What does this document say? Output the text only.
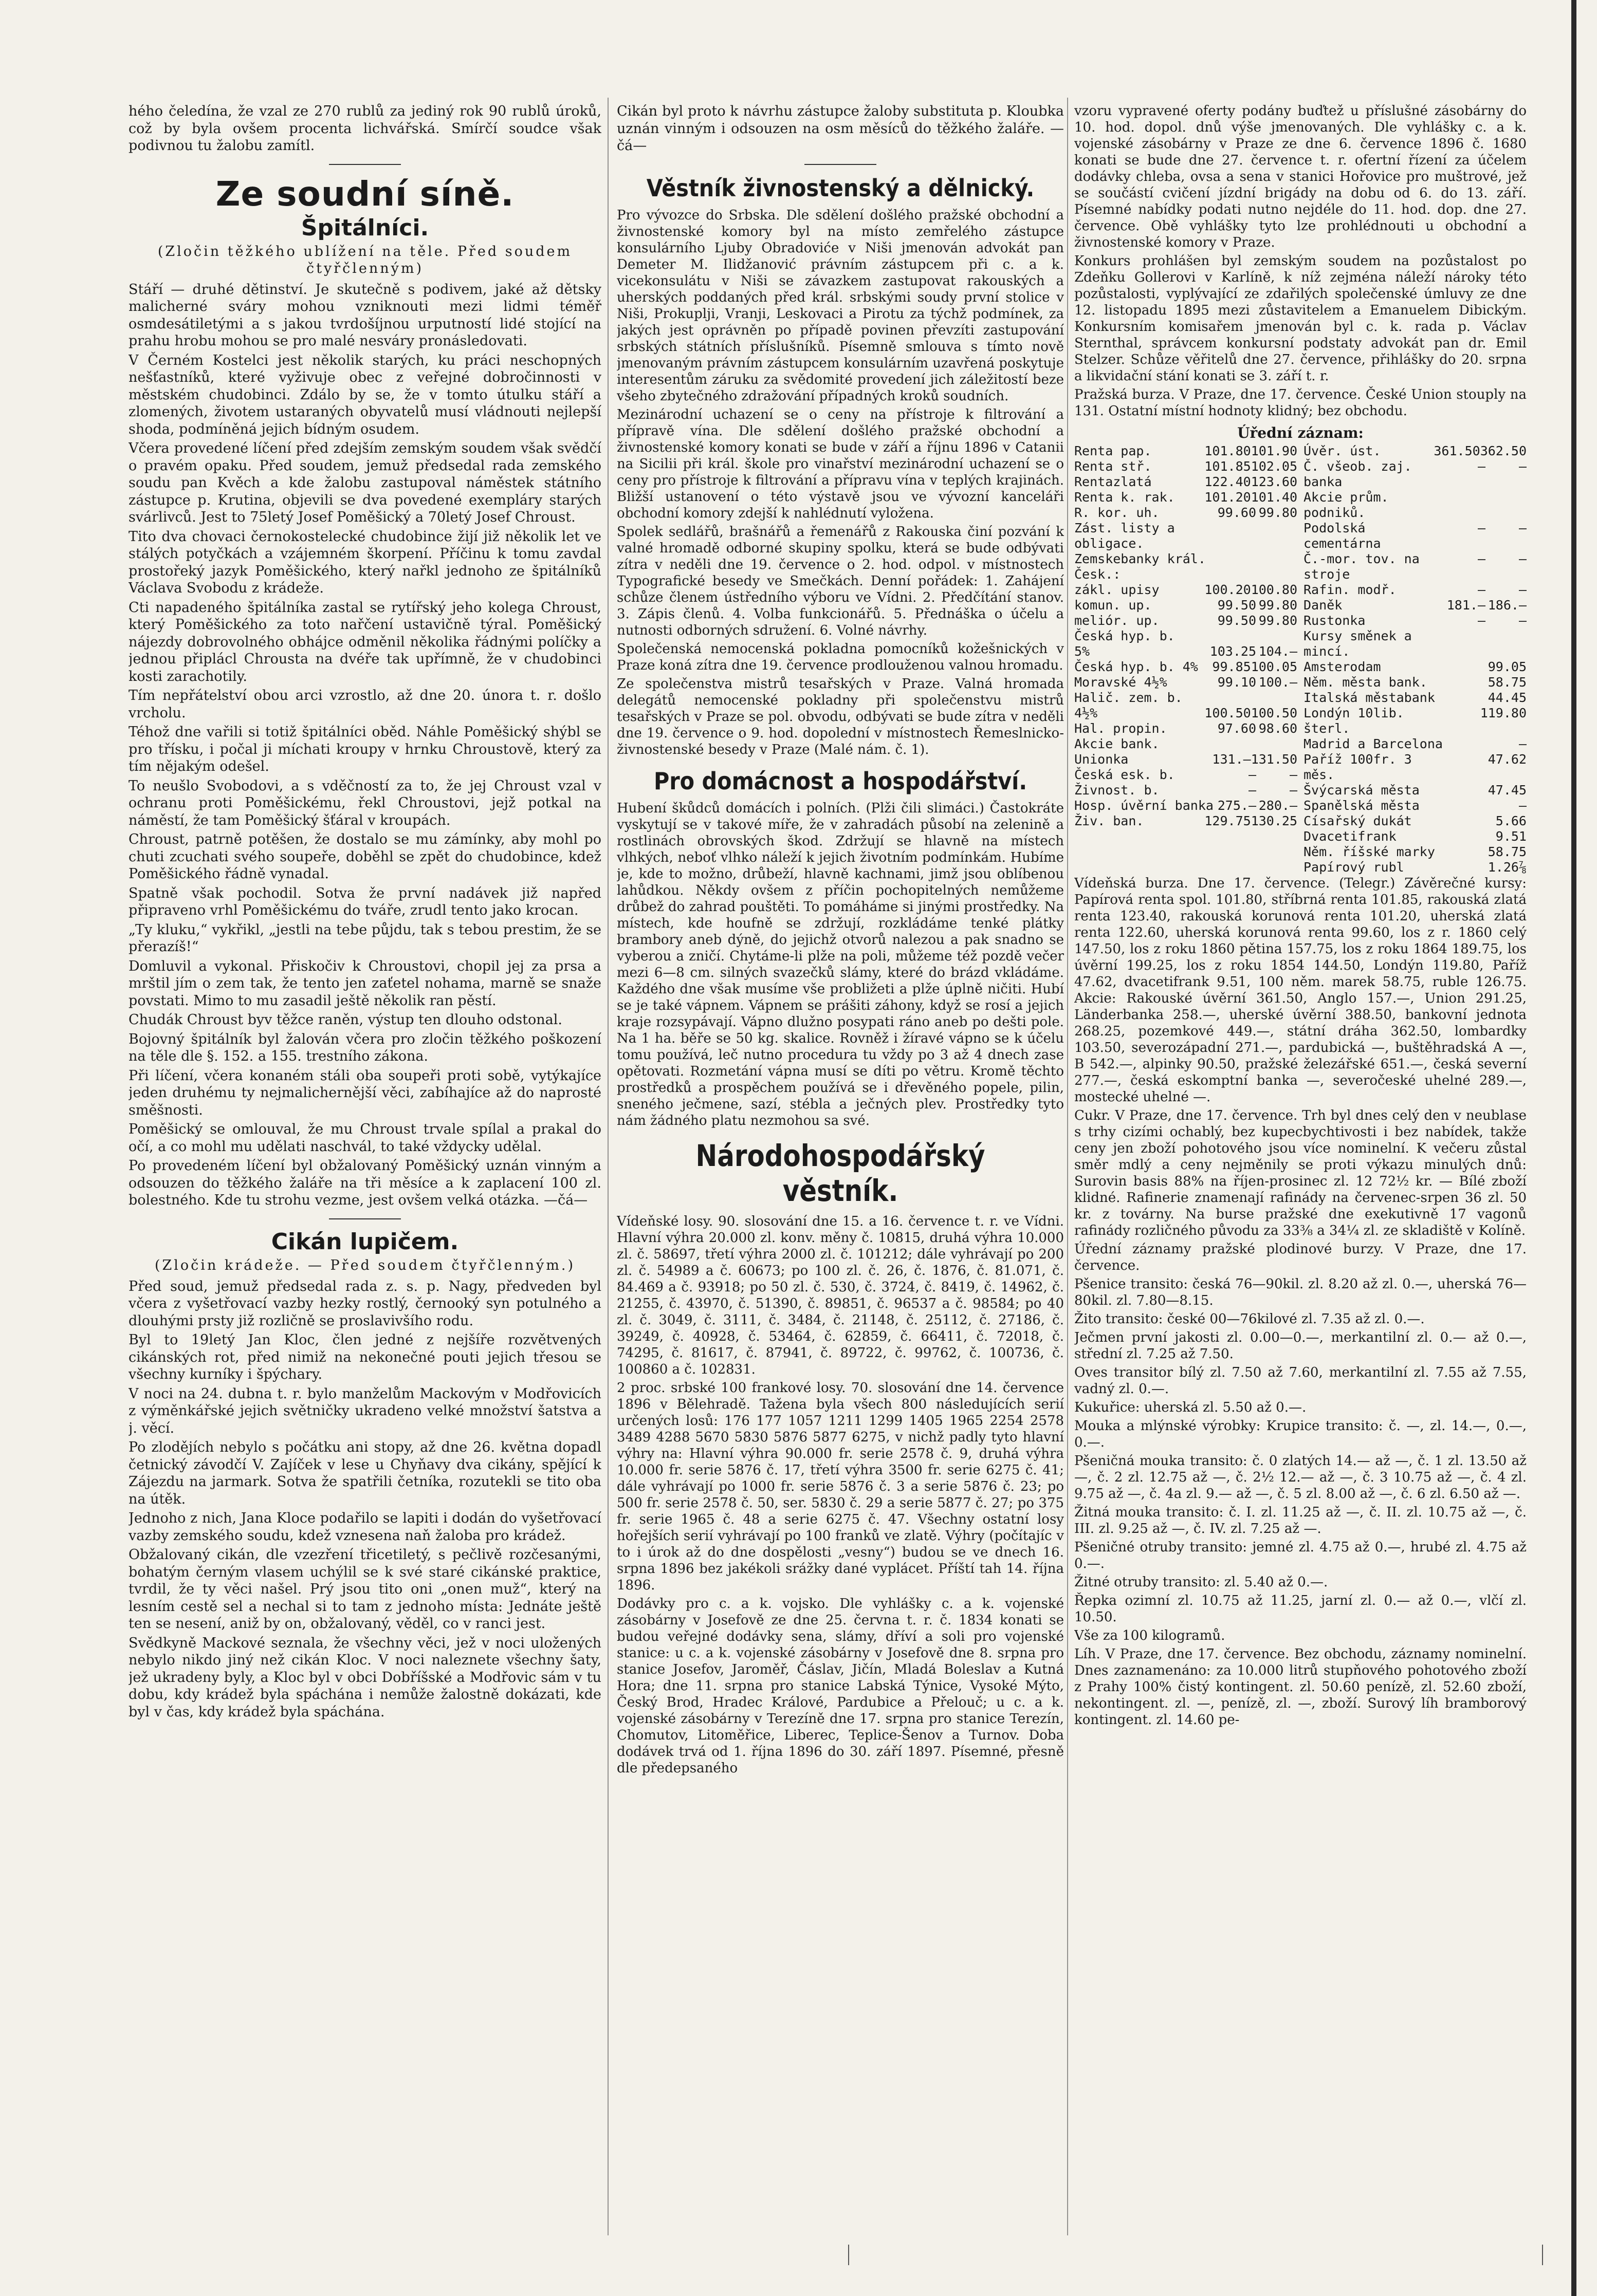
hého čeledína, že vzal ze 270 rublů za jediný rok 90 rublů úroků, což by byla ovšem procenta lichvářská. Smírčí soudce však podivnou tu žalobu zamítl.

Ze soudní síně.
Špitálníci.

(Zločin těžkého ublížení na těle. Před soudem čtyřčlenným)

Stáří — druhé dětinství. Je skutečně s podivem, jaké až dětsky malicherné sváry mohou vzniknouti mezi lidmi téměř osmdesátiletými a s jakou tvrdošíjnou urputností lidé stojící na prahu hrobu mohou se pro malé nesváry pronásledovati.

V Černém Kostelci jest několik starých, ku práci neschopných nešťastníků, které vyživuje obec z veřejné dobročinnosti v městském chudobinci. Zdálo by se, že v tomto útulku stáří a zlomených, životem ustaraných obyvatelů musí vládnouti nejlepší shoda, podmíněná jejich bídným osudem.

Včera provedené líčení před zdejším zemským soudem však svědčí o pravém opaku. Před soudem, jemuž předsedal rada zemského soudu pan Kvěch a kde žalobu zastupoval náměstek státního zástupce p. Krutina, objevili se dva povedené exempláry starých svárlivců. Jest to 75letý Josef Poměšický a 70letý Josef Chroust.

Tito dva chovaci černokostelecké chudobince žijí již několik let ve stálých potyčkách a vzájemném škorpení. Příčinu k tomu zavdal prostořeký jazyk Poměšického, který nařkl jednoho ze špitálníků Václava Svobodu z krádeže.

Cti napadeného špitálníka zastal se rytířský jeho kolega Chroust, který Poměšického za toto nařčení ustavičně týral. Poměšický nájezdy dobrovolného obhájce odměnil několika řádnými políčky a jednou připlácl Chrousta na dvéře tak upřímně, že v chudobinci kosti zarachotily.

Tím nepřátelství obou arci vzrostlo, až dne 20. února t. r. došlo vrcholu.

Téhož dne vařili si totiž špitálníci oběd. Náhle Poměšický shýbl se pro třísku, i počal ji míchati kroupy v hrnku Chroustově, který za tím nějakým odešel.

To neušlo Svobodovi, a s vděčností za to, že jej Chroust vzal v ochranu proti Poměšickému, řekl Chroustovi, jejž potkal na náměstí, že tam Poměšický šťáral v kroupách.

Chroust, patrně potěšen, že dostalo se mu zámínky, aby mohl po chuti zcuchati svého soupeře, doběhl se zpět do chudobince, kdež Poměšického řádně vynadal.

Spatně však pochodil. Sotva že první nadávek již napřed připraveno vrhl Poměšickému do tváře, zrudl tento jako krocan.

„Ty kluku,“ vykřikl, „jestli na tebe půjdu, tak s tebou prestim, že se přerazíš!“

Domluvil a vykonal. Přiskočiv k Chroustovi, chopil jej za prsa a mrštil jím o zem tak, že tento jen zaťetel nohama, marně se snaže povstati. Mimo to mu zasadil ještě několik ran pěstí.

Chudák Chroust byv těžce raněn, výstup ten dlouho odstonal.

Bojovný špitálník byl žalován včera pro zločin těžkého poškození na těle dle §. 152. a 155. trestního zákona.

Při líčení, včera konaném stáli oba soupeři proti sobě, vytýkajíce jeden druhému ty nejmalichernější věci, zabíhajíce až do naprosté směšnosti.

Poměšický se omlouval, že mu Chroust trvale spílal a prakal do očí, a co mohl mu udělati naschvál, to také vždycky udělal.

Po provedeném líčení byl obžalovaný Poměšický uznán vinným a odsouzen do těžkého žaláře na tři měsíce a k zaplacení 100 zl. bolestného. Kde tu strohu vezme, jest ovšem velká otázka. —čá—

Cikán lupičem.

(Zločin krádeže. — Před soudem čtyřčlenným.)

Před soud, jemuž předsedal rada z. s. p. Nagy, předveden byl včera z vyšetřovací vazby hezky rostlý, černooký syn potulného a dlouhými prsty již rozličně se proslavivšího rodu.

Byl to 19letý Jan Kloc, člen jedné z nejšíře rozvětvených cikánských rot, před nimiž na nekonečné pouti jejich třesou se všechny kurníky i špýchary.

V noci na 24. dubna t. r. bylo manželům Mackovým v Modřovicích z výměnkářské jejich světničky ukradeno velké množství šatstva a j. věcí.

Po zlodějích nebylo s počátku ani stopy, až dne 26. května dopadl četnický závodčí V. Zajíček v lese u Chyňavy dva cikány, spějící k Zájezdu na jarmark. Sotva že spatřili četníka, rozutekli se tito oba na útěk.

Jednoho z nich, Jana Kloce podařilo se lapiti i dodán do vyšetřovací vazby zemského soudu, kdež vznesena naň žaloba pro krádež.

Obžalovaný cikán, dle vzezření třicetiletý, s pečlivě rozčesanými, bohatým černým vlasem uchýlil se k své staré cikánské praktice, tvrdil, že ty věci našel. Prý jsou tito oni „onen muž“, který na lesním cestě sel a nechal si to tam z jednoho místa: Jednáte ještě ten se nesení, aniž by on, obžalovaný, věděl, co v ranci jest.

Svědkyně Mackové seznala, že všechny věci, jež v noci uložených nebylo nikdo jiný než cikán Kloc. V noci naleznete všechny šaty, jež ukradeny byly, a Kloc byl v obci Dobříšské a Modřovic sám v tu dobu, kdy krádež byla spáchána i nemůže žalostně dokázati, kde byl v čas, kdy krádež byla spáchána.

Cikán byl proto k návrhu zástupce žaloby substituta p. Kloubka uznán vinným i odsouzen na osm měsíců do těžkého žaláře. —čá—

Věstník živnostenský a dělnický.

Pro vývozce do Srbska. Dle sdělení došlého pražské obchodní a živnostenské komory byl na místo zemřelého zástupce konsulárního Ljuby Obradoviće v Niši jmenován advokát pan Demeter M. Ilidžanović právním zástupcem při c. a k. vicekonsulátu v Niši se závazkem zastupovat rakouských a uherských poddaných před král. srbskými soudy první stolice v Niši, Prokuplji, Vranji, Leskovaci a Pirotu za týchž podmínek, za jakých jest oprávněn po případě povinen převzíti zastupování srbských státních příslušníků. Písemně smlouva s tímto nově jmenovaným právním zástupcem konsulárním uzavřená poskytuje interesentům záruku za svědomité provedení jich záležitostí beze všeho zbytečného zdražování případných kroků soudních.

Mezinárodní uchazení se o ceny na přístroje k filtrování a přípravě vína. Dle sdělení došlého pražské obchodní a živnostenské komory konati se bude v září a říjnu 1896 v Catanii na Sicilii při král. škole pro vinařství mezinárodní uchazení se o ceny pro přístroje k filtrování a přípravu vína v teplých krajinách. Bližší ustanovení o této výstavě jsou ve vývozní kanceláři obchodní komory zdejší k nahlédnutí vyložena.

Spolek sedlářů, brašnářů a řemenářů z Rakouska činí pozvání k valné hromadě odborné skupiny spolku, která se bude odbývati zítra v neděli dne 19. července o 2. hod. odpol. v místnostech Typografické besedy ve Smečkách. Denní pořádek: 1. Zahájení schůze členem ústředního výboru ve Vídni. 2. Předčítání stanov. 3. Zápis členů. 4. Volba funkcionářů. 5. Přednáška o účelu a nutnosti odborných sdružení. 6. Volné návrhy.

Společenská nemocenská pokladna pomocníků kožešnických v Praze koná zítra dne 19. července prodlouženou valnou hromadu.

Ze společenstva mistrů tesařských v Praze. Valná hromada delegátů nemocenské pokladny při společenstvu mistrů tesařských v Praze se pol. obvodu, odbývati se bude zítra v neděli dne 19. července o 9. hod. dopolední v místnostech Řemeslnicko-živnostenské besedy v Praze (Malé nám. č. 1).

Pro domácnost a hospodářství.

Hubení škůdců domácích i polních. (Plži čili slimáci.) Častokráte vyskytují se v takové míře, že v zahradách působí na zelenině a rostlinách obrovských škod. Zdržují se hlavně na místech vlhkých, neboť vlhko náleží k jejich životním podmínkám. Hubíme je, kde to možno, drůbeží, hlavně kachnami, jimž jsou oblíbenou lahůdkou. Někdy ovšem z příčin pochopitelných nemůžeme drůbež do zahrad pouštěti. To pomáháme si jinými prostředky. Na místech, kde houfně se zdržují, rozkládáme tenké plátky brambory aneb dýně, do jejichž otvorů nalezou a pak snadno se vyberou a zničí. Chytáme-li plže na poli, můžeme též pozdě večer mezi 6—8 cm. silných svazečků slámy, které do brázd vkládáme. Každého dne však musíme vše probližeti a plže úplně ničiti. Hubí se je také vápnem. Vápnem se prášiti záhony, když se rosí a jejich kraje rozsypávají. Vápno dlužno posypati ráno aneb po dešti pole. Na 1 ha. běře se 50 kg. skalice. Rovněž i žíravé vápno se k účelu tomu používá, leč nutno procedura tu vždy po 3 až 4 dnech zase opětovati. Rozmetání vápna musí se díti po větru. Kromě těchto prostředků a prospěchem používá se i dřevěného popele, pilin, sneného ječmene, sazí, stébla a ječných plev. Prostředky tyto nám žádného platu nezmohou sa své.

Národohospodářský věstník.

Vídeňské losy. 90. slosování dne 15. a 16. července t. r. ve Vídni. Hlavní výhra 20.000 zl. konv. měny č. 10815, druhá výhra 10.000 zl. č. 58697, třetí výhra 2000 zl. č. 101212; dále vyhrávají po 200 zl. č. 54989 a č. 60673; po 100 zl. č. 26, č. 1876, č. 81.071, č. 84.469 a č. 93918; po 50 zl. č. 530, č. 3724, č. 8419, č. 14962, č. 21255, č. 43970, č. 51390, č. 89851, č. 96537 a č. 98584; po 40 zl. č. 3049, č. 3111, č. 3484, č. 21148, č. 25112, č. 27186, č. 39249, č. 40928, č. 53464, č. 62859, č. 66411, č. 72018, č. 74295, č. 81617, č. 87941, č. 89722, č. 99762, č. 100736, č. 100860 a č. 102831.

2 proc. srbské 100 frankové losy. 70. slosování dne 14. července 1896 v Bělehradě. Tažena byla všech 800 následujících serií určených losů: 176 177 1057 1211 1299 1405 1965 2254 2578 3489 4288 5670 5830 5876 5877 6275, v nichž padly tyto hlavní výhry na: Hlavní výhra 90.000 fr. serie 2578 č. 9, druhá výhra 10.000 fr. serie 5876 č. 17, třetí výhra 3500 fr. serie 6275 č. 41; dále vyhrávají po 1000 fr. serie 5876 č. 3 a serie 5876 č. 23; po 500 fr. serie 2578 č. 50, ser. 5830 č. 29 a serie 5877 č. 27; po 375 fr. serie 1965 č. 48 a serie 6275 č. 47. Všechny ostatní losy hořejších serií vyhrávají po 100 franků ve zlatě. Výhry (počítajíc v to i úrok až do dne dospělosti „vesny“) budou se ve dnech 16. srpna 1896 bez jakékoli srážky dané vyplácet. Příští tah 14. října 1896.

Dodávky pro c. a k. vojsko. Dle vyhlášky c. a k. vojenské zásobárny v Josefově ze dne 25. června t. r. č. 1834 konati se budou veřejné dodávky sena, slámy, dříví a soli pro vojenské stanice: u c. a k. vojenské zásobárny v Josefově dne 8. srpna pro stanice Josefov, Jaroměř, Čáslav, Jičín, Mladá Boleslav a Kutná Hora; dne 11. srpna pro stanice Labská Týnice, Vysoké Mýto, Český Brod, Hradec Králové, Pardubice a Přelouč; u c. a k. vojenské zásobárny v Terezíně dne 17. srpna pro stanice Terezín, Chomutov, Litoměřice, Liberec, Teplice-Šenov a Turnov. Doba dodávek trvá od 1. října 1896 do 30. září 1897. Písemné, přesně dle předepsaného

vzoru vypravené oferty podány buďtež u příslušné zásobárny do 10. hod. dopol. dnů výše jmenovaných. Dle vyhlášky c. a k. vojenské zásobárny v Praze ze dne 6. července 1896 č. 1680 konati se bude dne 27. července t. r. ofertní řízení za účelem dodávky chleba, ovsa a sena v stanici Hořovice pro muštrové, jež se součástí cvičení jízdní brigády na dobu od 6. do 13. září. Písemné nabídky podati nutno nejdéle do 11. hod. dop. dne 27. července. Obě vyhlášky tyto lze prohlédnouti u obchodní a živnostenské komory v Praze.

Konkurs prohlášen byl zemským soudem na pozůstalost po Zdeňku Gollerovi v Karlíně, k níž zejména náleží nároky této pozůstalosti, vyplývající ze zdařilých společenské úmluvy ze dne 12. listopadu 1895 mezi zůstavitelem a Emanuelem Dibickým. Konkursním komisařem jmenován byl c. k. rada p. Václav Sternthal, správcem konkursní podstaty advokát pan dr. Emil Stelzer. Schůze věřitelů dne 27. července, přihlášky do 20. srpna a likvidační stání konati se 3. září t. r.

Pražská burza. V Praze, dne 17. července. České Union stouply na 131. Ostatní místní hodnoty klidný; bez obchodu.

Úřední záznam:
Renta pap.	101.80 101.90
Renta stř.	101.85 102.05
Rentazlatá	122.40 123.60
Renta k. rak.	101.20 101.40
R. kor. uh.	99.60 99.80
Zást. listy a obligace.
Zemskebanky král. Česk.:
zákl. upisy	100.20 100.80
komun. up.	99.50 99.80
meliór. up.	99.50 99.80
Česká hyp. b.
5%	103.25 104.—
Česká hyp. b. 4%	99.85 100.05
Moravské 4½%	99.10 100.—
Halič. zem. b.
4½%	100.50 100.50
Hal. propin.	97.60 98.60
Akcie bank.
Unionka	131.— 131.50
Česká esk. b.	—	—
Živnost. b.	—	—
Hosp. úvěrní banka 275.— 280.—
Živ. ban.	129.75 130.25
Úvěr. úst.	361.50 362.50
Č. všeob. zaj. banka
—	—
Akcie prům. podniků.
Podolská cementárna
—	—
Č.-mor. tov. na stroje
—	—
Rafin. modř.	—	—
Daněk	181.— 186.—
Rustonka	—	—
Kursy směnek a mincí.
Amsterodam	99.05
Něm. města bank.	58.75
Italská městabank	44.45
Londýn 10lib. šterl.
119.80
Madrid a Barcelona	—
Paříž 100fr. 3 měs.
47.62
Švýcarská města	47.45
Spanělská města	—
Císařský dukát	5.66
Dvacetifrank	9.51
Něm. říšské marky	58.75
Papírový rubl	1.26⅞

Vídeňská burza. Dne 17. července. (Telegr.) Závěrečné kursy: Papírová renta spol. 101.80, stříbrná renta 101.85, rakouská zlatá renta 123.40, rakouská korunová renta 101.20, uherská zlatá renta 122.60, uherská korunová renta 99.60, los z r. 1860 celý 147.50, los z roku 1860 pětina 157.75, los z roku 1864 189.75, los úvěrní 199.25, los z roku 1854 144.50, Londýn 119.80, Paříž 47.62, dvacetifrank 9.51, 100 něm. marek 58.75, ruble 126.75. Akcie: Rakouské úvěrní 361.50, Anglo 157.—, Union 291.25, Länderbanka 258.—, uherské úvěrní 388.50, bankovní jednota 268.25, pozemkové 449.—, státní dráha 362.50, lombardky 103.50, severozápadní 271.—, pardubická —, buštěhradská A —, B 542.—, alpinky 90.50, pražské železářské 651.—, česká severní 277.—, česká eskomptní banka —, severočeské uhelné 289.—, mostecké uhelné —.

Cukr. V Praze, dne 17. července. Trh byl dnes celý den v neublase s trhy cizími ochablý, bez kupecbychtivosti i bez nabídek, takže ceny jen zboží pohotového jsou více nominelní. K večeru zůstal směr mdlý a ceny nejměnily se proti výkazu minulých dnů: Surovin basis 88% na říjen-prosinec zl. 12 72½ kr. — Bílé zboží klidné. Rafinerie znamenají rafinády na červenec-srpen 36 zl. 50 kr. z továrny. Na burse pražské dne exekutivně 17 vagonů rafinády rozličného původu za 33⅜ a 34¼ zl. ze skladiště v Kolíně.

Úřední záznamy pražské plodinové burzy. V Praze, dne 17. července.

Pšenice transito: česká 76—90kil. zl. 8.20 až zl. 0.—, uherská 76—80kil. zl. 7.80—8.15.

Žito transito: české 00—76kilové zl. 7.35 až zl. 0.—.

Ječmen první jakosti zl. 0.00—0.—, merkantilní zl. 0.— až 0.—, střední zl. 7.25 až 7.50.

Oves transitor bílý zl. 7.50 až 7.60, merkantilní zl. 7.55 až 7.55, vadný zl. 0.—.

Kukuřice: uherská zl. 5.50 až 0.—.

Mouka a mlýnské výrobky: Krupice transito: č. —, zl. 14.—, 0.—, 0.—.

Pšeničná mouka transito: č. 0 zlatých 14.— až —, č. 1 zl. 13.50 až —, č. 2 zl. 12.75 až —, č. 2½ 12.— až —, č. 3 10.75 až —, č. 4 zl. 9.75 až —, č. 4a zl. 9.— až —, č. 5 zl. 8.00 až —, č. 6 zl. 6.50 až —.

Žitná mouka transito: č. I. zl. 11.25 až —, č. II. zl. 10.75 až —, č. III. zl. 9.25 až —, č. IV. zl. 7.25 až —.

Pšeničné otruby transito: jemné zl. 4.75 až 0.—, hrubé zl. 4.75 až 0.—.

Žitné otruby transito: zl. 5.40 až 0.—.

Řepka ozimní zl. 10.75 až 11.25, jarní zl. 0.— až 0.—, vlčí zl. 10.50.

Vše za 100 kilogramů.

Líh. V Praze, dne 17. července. Bez obchodu, záznamy nominelní. Dnes zaznamenáno: za 10.000 litrů stupňového pohotového zboží z Prahy 100% čistý kontingent. zl. 50.60 penízě, zl. 52.60 zboží, nekontingent. zl. —, penízě, zl. —, zboží. Surový líh bramborový kontingent. zl. 14.60 pe-
